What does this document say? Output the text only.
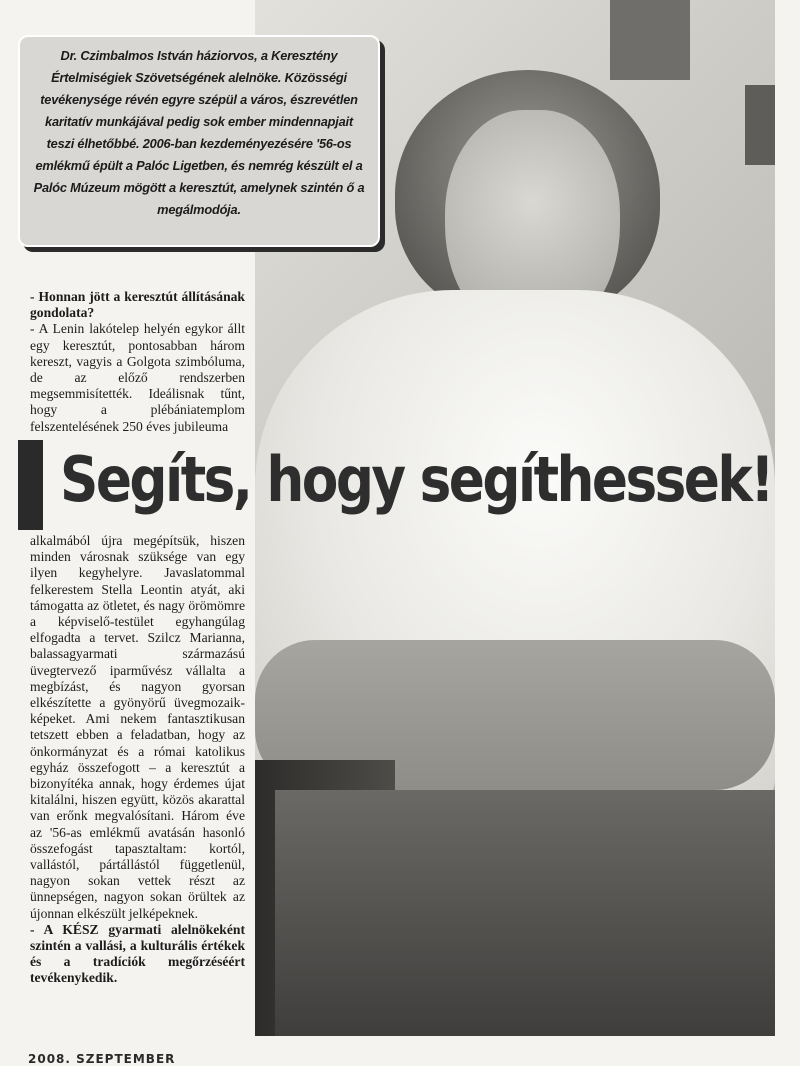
Dr. Czimbalmos István háziorvos, a Keresztény Értelmiségiek Szövetségének alelnöke. Közösségi tevékenysége révén egyre szépül a város, észrevétlen karitatív munkájával pedig sok ember mindennapjait teszi élhetőbbé. 2006-ban kezdeményezésére '56-os emlékmű épült a Palóc Ligetben, és nemrég készült el a Palóc Múzeum mögött a keresztút, amelynek szintén ő a megálmodója.

- Honnan jött a keresztút állításának gondolata?

- A Lenin lakótelep helyén egykor állt egy keresztút, pontosabban három kereszt, vagyis a Golgota szimbóluma, de az előző rendszerben megsemmisítették. Ideálisnak tűnt, hogy a plébániatemplom felszentelésének 250 éves jubileuma

Segíts, hogy segíthessek!

alkalmából újra megépítsük, hiszen minden városnak szüksége van egy ilyen kegyhelyre. Javaslatommal felkerestem Stella Leontin atyát, aki támogatta az ötletet, és nagy örömömre a képviselő-testület egyhangúlag elfogadta a tervet. Szilcz Marianna, balassagyarmati származású üvegtervező iparművész vállalta a megbízást, és nagyon gyorsan elkészítette a gyönyörű üvegmozaik-képeket. Ami nekem fantasztikusan tetszett ebben a feladatban, hogy az önkormányzat és a római katolikus egyház összefogott – a keresztút a bizonyítéka annak, hogy érdemes újat kitalálni, hiszen együtt, közös akarattal van erőnk megvalósítani. Három éve az '56-as emlékmű avatásán hasonló összefogást tapasztaltam: kortól, vallástól, pártállástól függetlenül, nagyon sokan vettek részt az ünnepségen, nagyon sokan örültek az újonnan elkészült jelképeknek.

- A KÉSZ gyarmati alelnökeként szintén a vallási, a kulturális értékek és a tradíciók megőrzéséért tevékenykedik.

2008. SZEPTEMBER
